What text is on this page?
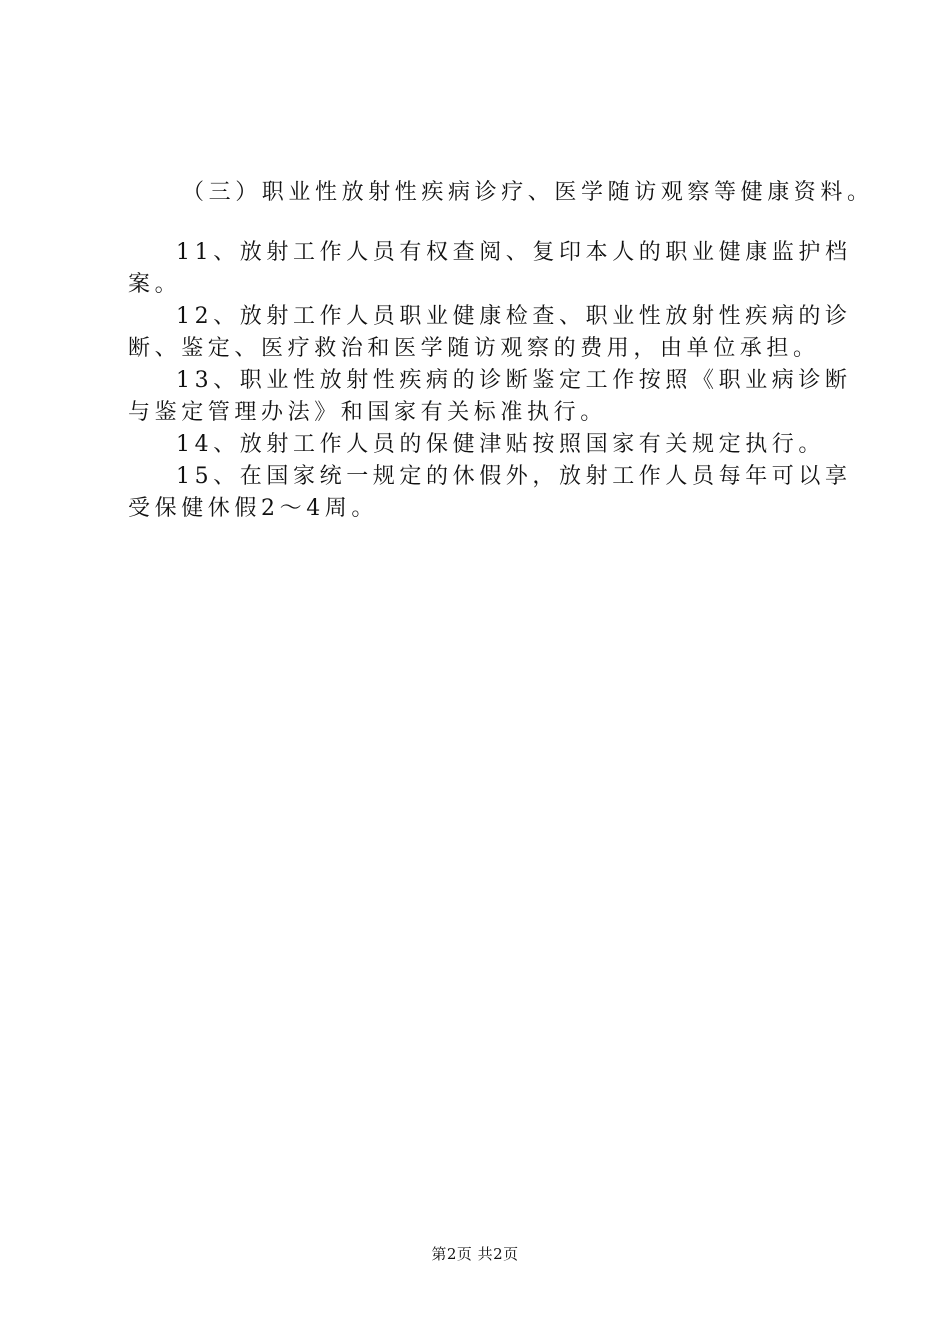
（三）职业性放射性疾病诊疗、医学随访观察等健康资料。
11、放射工作人员有权查阅、复印本人的职业健康监护档
案。
12、放射工作人员职业健康检查、职业性放射性疾病的诊
断、鉴定、医疗救治和医学随访观察的费用，由单位承担。
13、职业性放射性疾病的诊断鉴定工作按照《职业病诊断
与鉴定管理办法》和国家有关标准执行。
14、放射工作人员的保健津贴按照国家有关规定执行。
15、在国家统一规定的休假外，放射工作人员每年可以享
受保健休假2～4周。
第2页 共2页
